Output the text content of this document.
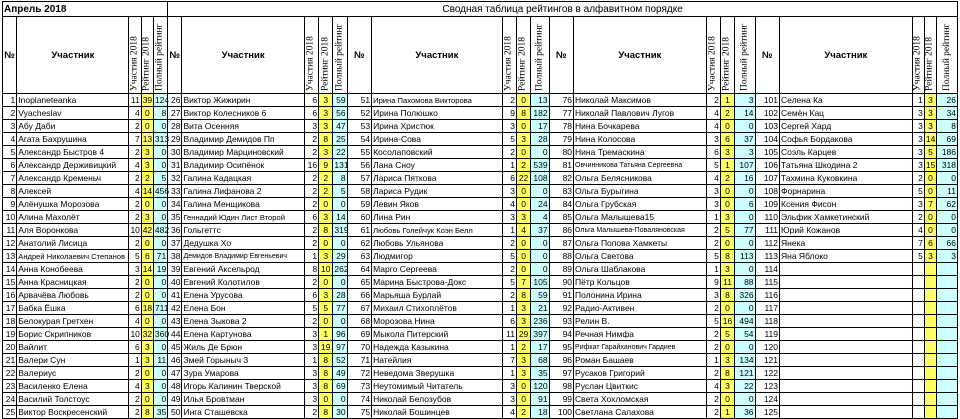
Апрель 2018					Сводная таблица рейтингов в алфавитном порядке																			
№	Участник	Участия 2018	Рейтинг 2018	Полный рейтинг	№	Участник	Участия 2018	Рейтинг 2018	Полный рейтинг	№	Участник	Участия 2018	Рейтинг 2018	Полный рейтинг	№	Участник	Участия 2018	Рейтинг 2018	Полный рейтинг	№	Участник	Участия 2018	Рейтинг 2018	Полный рейтинг
1	Inoplaneteanka	11	39	124	26	Виктор Жижирин	6	3	59	51	Ирина Пахомова Викторова	2	0	13	76	Николай Максимов	2	1	3	101	Селена Ка	1	3	26
2	Vyacheslav	4	0	8	27	Виктор Колесников 6	6	3	56	52	Ирина Полюшко	9	8	182	77	Николай Павлович Лугов	4	2	14	102	Семён Кац	3	3	34
3	Абу Даби	2	0	0	28	Вита Осенняя	3	3	47	53	Ирина Христюк	3	0	17	78	Нина Бочкарева	4	0	0	103	Сергей Хард	3	3	8
4	Агата Бахрушина	7	13	313	29	Владимир Демидов Пп	2	8	25	54	Ирина-Сова	5	3	28	79	Нина Колосова	3	6	37	104	Софья Бордакова	3	14	69
5	Александр Быстров 4	2	3	0	30	Владимир Марциновский	2	3	22	55	Косолаповский	2	0	0	80	Нина Тремаскина	6	3	3	105	Соэль Карцев	3	5	186
6	Александр Держивицкий	4	3	0	31	Владимир Осипёнок	16	9	131	56	Лана Сноу	1	2	539	81	Овчинникова Татьяна Сергеевна	5	1	107	106	Татьяна Шкодина 2	3	15	318
7	Александр Кременьч	2	2	5	32	Галина Кадацкая	2	2	8	57	Лариса Пяткова	6	22	108	82	Ольга Белясникова	4	2	16	107	Тахмина Куковкина	2	0	0
8	Алексей	4	14	456	33	Галина Лифанова 2	2	2	5	58	Лариса Рудик	3	0	0	83	Ольга Бурыгина	3	0	0	108	Форнарина	5	0	11
9	Алёнушка Морозова	2	0	0	34	Галина Менщикова	2	0	0	59	Левин Яков	4	0	24	84	Ольга Грубская	3	0	6	109	Ксения Фисон	3	7	62
10	Алина Махолёт	2	3	0	35	Геннадий Юдин Лист Второй	6	3	14	60	Лина Рин	3	3	4	85	Ольга Малышева15	1	3	0	110	Эльфик Хамкетинский	2	0	0
11	Аля Воронкова	10	42	482	36	Гольгеттс	2	8	319	61	Любовь Голейчук Коэн Белл	1	4	37	86	Ольга Малышева-Поваляновская	2	5	77	111	Юрий Кожанов	4	0	0
12	Анатолий Лисица	2	0	0	37	Дедушка Хо	2	0	0	62	Любовь Ульянова	2	0	0	87	Ольга Попова Хамкеты	2	0	0	112	Янека	7	6	66
13	Андрей Николаевич Степанов	5	6	71	38	Демидов Владимир Евгеньевич	1	3	29	63	Людмигор	5	0	0	88	Ольга Светова	5	8	113	113	Яна Яблоко	5	3	3
14	Анна Конобеева	3	14	19	39	Евгений Аксельрод	8	10	262	64	Марго Сергеева	2	0	0	89	Ольга Шаблакова	1	3	0	114				
15	Анна Красницкая	2	0	0	40	Евгений Колотилов	2	0	0	65	Марина Быстрова-Докс	5	7	105	90	Пётр Кольцов	9	11	88	115				
16	Арвачёва Любовь	2	0	0	41	Елена Урусова	6	3	28	66	Марьяша Бурлай	2	8	59	91	Полонина Ирина	3	8	326	116				
17	Бабка Ёшка	6	18	711	42	Елена Бон	5	5	77	67	Михаил Стихоплётов	1	3	21	92	Радио-Активен	2	0	0	117				
18	Белокурая Гретхен	4	0	0	43	Елена Зыкова 2	2	0	0	68	Морозова Нина	6	3	236	93	Релин В.	5	16	494	118				
19	Борис Скрипников	10	32	360	44	Елена Картунова	3	1	96	69	Мыкола Питерский	11	29	397	94	Речная Нимфа	2	5	54	119				
20	Вайлит	6	3	0	45	Жиль Де Брюн	3	19	97	70	Надежда Казыкина	1	2	17	95	Рифкат Гарайханович Гардиев	2	0	0	120				
21	Валери Сун	1	3	11	46	Змей Горыныч 3	1	8	52	71	Натейлия	7	3	68	96	Роман Башаев	1	3	134	121				
22	Валериус	2	0	0	47	Зура Умарова	3	8	49	72	Неведома Зверушка	1	3	35	97	Русаков Григорий	2	8	121	122				
23	Василенко Елена	4	3	0	48	Игорь Калинин Тверской	3	8	69	73	Неутомимый Читатель	3	0	120	98	Руслан Цвиткис	4	3	22	123				
24	Василий Толстоус	2	0	0	49	Илья Бровтман	3	0	0	74	Николай Белозубов	3	0	91	99	Света Хохломская	2	0	0	124				
25	Виктор Воскресенский	2	8	35	50	Инга Сташевска	2	8	30	75	Николай Бошинцев	4	2	18	100	Светлана Салахова	2	1	36	125				
